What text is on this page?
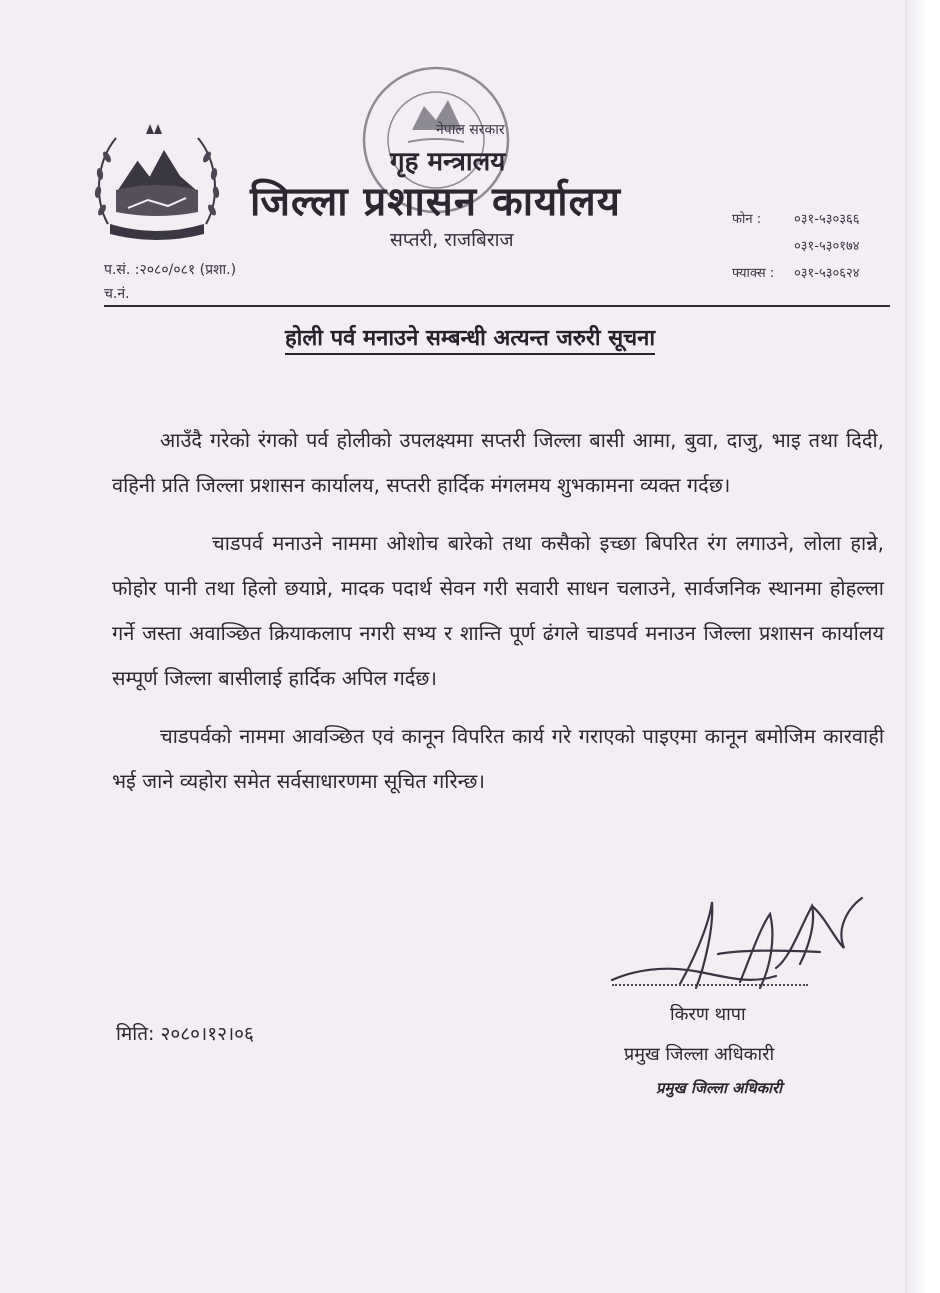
नेपाल सरकार
गृह मन्त्रालय
जिल्ला प्रशासन कार्यालय
सप्तरी, राजबिराज
फोन :	०३१-५३०३६६
०३१-५३०१७४
फ्याक्स :	०३१-५३०६२४
प.सं. :२०८०/०८१ (प्रशा.)
च.नं.
होली पर्व मनाउने सम्बन्धी अत्यन्त जरुरी सूचना

आउँदै गरेको रंगको पर्व होलीको उपलक्ष्यमा सप्तरी जिल्ला बासी आमा, बुवा, दाजु, भाइ तथा दिदी, वहिनी प्रति जिल्ला प्रशासन कार्यालय, सप्तरी हार्दिक मंगलमय शुभकामना व्यक्त गर्दछ।

चाडपर्व मनाउने नाममा ओशोच बारेको तथा कसैको इच्छा बिपरित रंग लगाउने, लोला हान्ने, फोहोर पानी तथा हिलो छयाप्ने, मादक पदार्थ सेवन गरी सवारी साधन चलाउने, सार्वजनिक स्थानमा होहल्ला गर्ने जस्ता अवाञ्छित क्रियाकलाप नगरी सभ्य र शान्ति पूर्ण ढंगले चाडपर्व मनाउन जिल्ला प्रशासन कार्यालय सम्पूर्ण जिल्ला बासीलाई हार्दिक अपिल गर्दछ।

चाडपर्वको नाममा आवञ्छित एवं कानून विपरित कार्य गरे गराएको पाइएमा कानून बमोजिम कारवाही भई जाने व्यहोरा समेत सर्वसाधारणमा सूचित गरिन्छ।

किरण थापा
प्रमुख जिल्ला अधिकारी
प्रमुख जिल्ला अधिकारी
मिति: २०८०।१२।०६
